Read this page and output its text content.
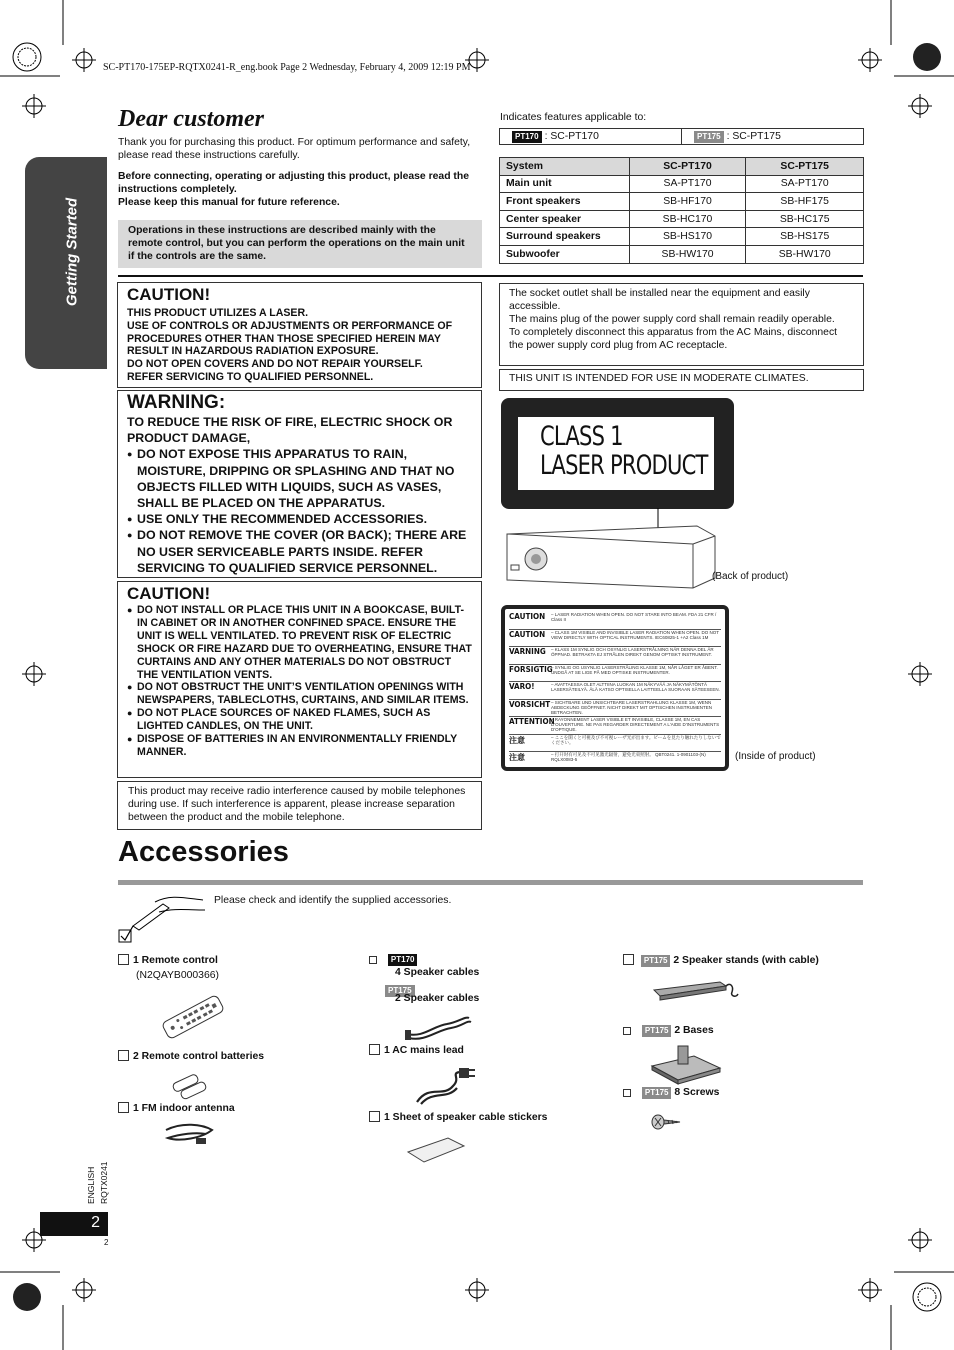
SC-PT170-175EP-RQTX0241-R_eng.book Page 2 Wednesday, February 4, 2009 12:19 PM
Getting Started
Dear customer
Thank you for purchasing this product. For optimum performance and safety, please read these instructions carefully.
Before connecting, operating or adjusting this product, please read the instructions completely.
Please keep this manual for future reference.
Operations in these instructions are described mainly with the remote control, but you can perform the operations on the main unit if the controls are the same.
CAUTION!
THIS PRODUCT UTILIZES A LASER.
USE OF CONTROLS OR ADJUSTMENTS OR PERFORMANCE OF
PROCEDURES OTHER THAN THOSE SPECIFIED HEREIN MAY
RESULT IN HAZARDOUS RADIATION EXPOSURE.
DO NOT OPEN COVERS AND DO NOT REPAIR YOURSELF.
REFER SERVICING TO QUALIFIED PERSONNEL.
WARNING:
TO REDUCE THE RISK OF FIRE, ELECTRIC SHOCK OR PRODUCT DAMAGE,
● DO NOT EXPOSE THIS APPARATUS TO RAIN, MOISTURE, DRIPPING OR SPLASHING AND THAT NO OBJECTS FILLED WITH LIQUIDS, SUCH AS VASES, SHALL BE PLACED ON THE APPARATUS.
● USE ONLY THE RECOMMENDED ACCESSORIES.
● DO NOT REMOVE THE COVER (OR BACK); THERE ARE NO USER SERVICEABLE PARTS INSIDE. REFER SERVICING TO QUALIFIED SERVICE PERSONNEL.
CAUTION!
● DO NOT INSTALL OR PLACE THIS UNIT IN A BOOKCASE, BUILT-IN CABINET OR IN ANOTHER CONFINED SPACE. ENSURE THE UNIT IS WELL VENTILATED. TO PREVENT RISK OF ELECTRIC SHOCK OR FIRE HAZARD DUE TO OVERHEATING, ENSURE THAT CURTAINS AND ANY OTHER MATERIALS DO NOT OBSTRUCT THE VENTILATION VENTS.
● DO NOT OBSTRUCT THE UNIT’S VENTILATION OPENINGS WITH NEWSPAPERS, TABLECLOTHS, CURTAINS, AND SIMILAR ITEMS.
● DO NOT PLACE SOURCES OF NAKED FLAMES, SUCH AS LIGHTED CANDLES, ON THE UNIT.
● DISPOSE OF BATTERIES IN AN ENVIRONMENTALLY FRIENDLY MANNER.
This product may receive radio interference caused by mobile telephones during use. If such interference is apparent, please increase separation between the product and the mobile telephone.
Indicates features applicable to:
PT170 : SC-PT170	PT175 : SC-PT175
System	SC-PT170	SC-PT175
Main unit	SA-PT170	SA-PT170
Front speakers	SB-HF170	SB-HF175
Center speaker	SB-HC170	SB-HC175
Surround speakers	SB-HS170	SB-HS175
Subwoofer	SB-HW170	SB-HW170
The socket outlet shall be installed near the equipment and easily accessible.
The mains plug of the power supply cord shall remain readily operable.
To completely disconnect this apparatus from the AC Mains, disconnect the power supply cord plug from AC receptacle.
THIS UNIT IS INTENDED FOR USE IN MODERATE CLIMATES.
CLASS 1
LASER PRODUCT
(Back of product)
CAUTION	– LASER RADIATION WHEN OPEN. DO NOT STARE INTO BEAM. FDA 21 CFR / Class II
CAUTION	– CLASS 1M VISIBLE AND INVISIBLE LASER RADIATION WHEN OPEN. DO NOT VIEW DIRECTLY WITH OPTICAL INSTRUMENTS. IEC60825-1 +A2 Class 1M
VARNING	– KLASS 1M SYNLIG OCH OSYNLIG LASERSTRÅLNING NÄR DENNA DEL ÄR ÖPPNAD. BETRAKTA EJ STRÅLEN DIREKT GENOM OPTISKT INSTRUMENT.
FORSIGTIG
– SYNLIG OG USYNLIG LASERSTRÅLING KLASSE 1M, NÅR LÅGET ER ÅBENT. UNDGÅ AT SE LIGE PÅ MED OPTISKE INSTRUMENTER.
VARO!	– AVATTAESSA OLET ALTTIINA LUOKAN 1M NÄKYVÄÄ JA NÄKYMÄTÖNTÄ LASERSÄTEILYÄ. ÄLÄ KATSO OPTISELLA LAITTEELLA SUORAAN SÄTEESEEN.
VORSICHT – SICHTBARE UND UNSICHTBARE LASERSTRAHLUNG KLASSE 1M, WENN ABDECKUNG GEÖFFNET. NICHT DIREKT MIT OPTISCHEN INSTRUMENTEN BETRACHTEN.
ATTENTION
– RAYONNEMENT LASER VISIBLE ET INVISIBLE, CLASSE 1M, EN CAS D'OUVERTURE. NE PAS REGARDER DIRECTEMENT A L'AIDE D'INSTRUMENTS D'OPTIQUE.
注意	– ここを開くと可視及び不可視レーザ光が出ます。ビームを見たり触れたりしないでください。
注意	– 打开时有可见及不可见激光辐射，避免光束照射。 QBT0241. 1-0901103-(N) RQLX0083-5	(Inside of product)
Accessories
Please check and identify the supplied accessories.
1 Remote control
(N2QAYB000366)
2 Remote control batteries
1 FM indoor antenna
PT170
4 Speaker cables
PT175
2 Speaker cables
1 AC mains lead
1 Sheet of speaker cable stickers
PT175 2 Speaker stands (with cable)
PT175 2 Bases
PT175 8 Screws
ENGLISH RQTX0241
2
2
